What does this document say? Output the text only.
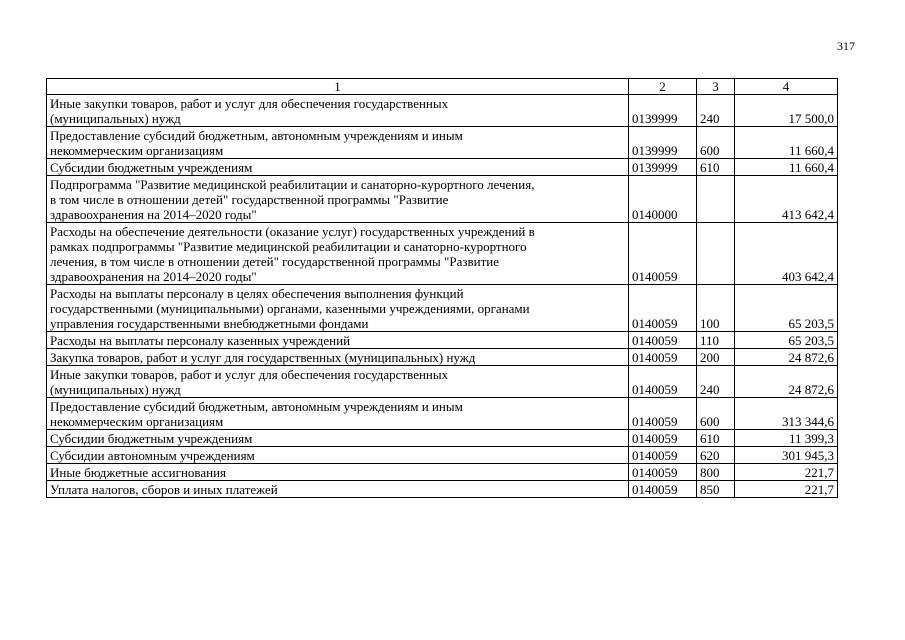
317
1	2	3	4
Иные закупки товаров, работ и услуг для обеспечения государственных
(муниципальных) нужд	0139999	240	17 500,0
Предоставление субсидий бюджетным, автономным учреждениям и иным
некоммерческим организациям	0139999	600	11 660,4
Субсидии бюджетным учреждениям	0139999	610	11 660,4
Подпрограмма "Развитие медицинской реабилитации и санаторно-курортного лечения,
в том числе в отношении детей" государственной программы "Развитие
здравоохранения на 2014–2020 годы"	0140000		413 642,4
Расходы на обеспечение деятельности (оказание услуг) государственных учреждений в
рамках подпрограммы "Развитие медицинской реабилитации и санаторно-курортного
лечения, в том числе в отношении детей" государственной программы "Развитие
здравоохранения на 2014–2020 годы"	0140059		403 642,4
Расходы на выплаты персоналу в целях обеспечения выполнения функций
государственными (муниципальными) органами, казенными учреждениями, органами
управления государственными внебюджетными фондами	0140059	100	65 203,5
Расходы на выплаты персоналу казенных учреждений	0140059	110	65 203,5
Закупка товаров, работ и услуг для государственных (муниципальных) нужд	0140059	200	24 872,6
Иные закупки товаров, работ и услуг для обеспечения государственных
(муниципальных) нужд	0140059	240	24 872,6
Предоставление субсидий бюджетным, автономным учреждениям и иным
некоммерческим организациям	0140059	600	313 344,6
Субсидии бюджетным учреждениям	0140059	610	11 399,3
Субсидии автономным учреждениям	0140059	620	301 945,3
Иные бюджетные ассигнования	0140059	800	221,7
Уплата налогов, сборов и иных платежей	0140059	850	221,7
